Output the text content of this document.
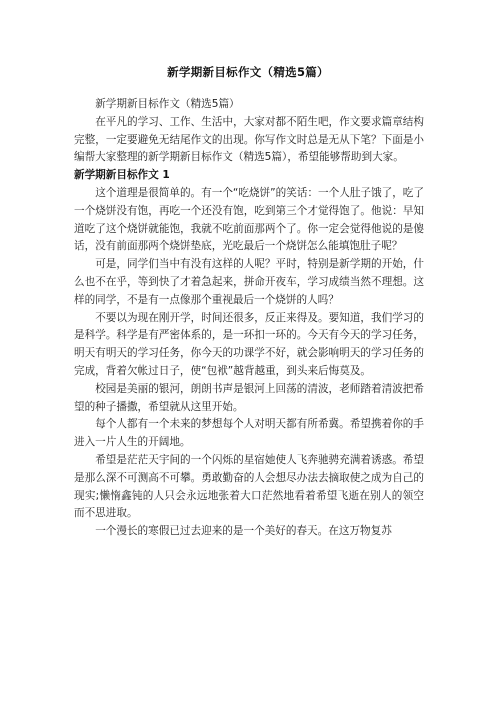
新学期新目标作文（精选5篇）

新学期新目标作文（精选5篇）

在平凡的学习、工作、生活中，大家对都不陌生吧，作文要求篇章结构完整，一定要避免无结尾作文的出现。你写作文时总是无从下笔？下面是小编帮大家整理的新学期新目标作文（精选5篇），希望能够帮助到大家。

新学期新目标作文 1

这个道理是很简单的。有一个“吃烧饼”的笑话：一个人肚子饿了，吃了一个烧饼没有饱，再吃一个还没有饱，吃到第三个才觉得饱了。他说：早知道吃了这个烧饼就能饱，我就不吃前面那两个了。你一定会觉得他说的是傻话，没有前面那两个烧饼垫底，光吃最后一个烧饼怎么能填饱肚子呢？

可是，同学们当中有没有这样的人呢？平时，特别是新学期的开始，什么也不在乎，等到快了才着急起来，拼命开夜车，学习成绩当然不理想。这样的同学，不是有一点像那个重视最后一个烧饼的人吗？

不要以为现在刚开学，时间还很多，反正来得及。要知道，我们学习的是科学。科学是有严密体系的，是一环扣一环的。今天有今天的学习任务，明天有明天的学习任务，你今天的功课学不好，就会影响明天的学习任务的完成，背着欠帐过日子，使“包袱”越背越重，到头来后悔莫及。

校园是美丽的银河，朗朗书声是银河上回荡的清波，老师踏着清波把希望的种子播撒，希望就从这里开始。

每个人都有一个未来的梦想每个人对明天都有所希冀。希望携着你的手进入一片人生的开阔地。

希望是茫茫天宇间的一个闪烁的星宿她使人飞奔驰骋充满着诱惑。希望是那么深不可测高不可攀。勇敢勤奋的人会想尽办法去摘取使之成为自己的现实;懒惰鑫钝的人只会永远地张着大口茫然地看着希望飞逝在别人的领空而不思进取。

一个漫长的寒假已过去迎来的是一个美好的春天。在这万物复苏
